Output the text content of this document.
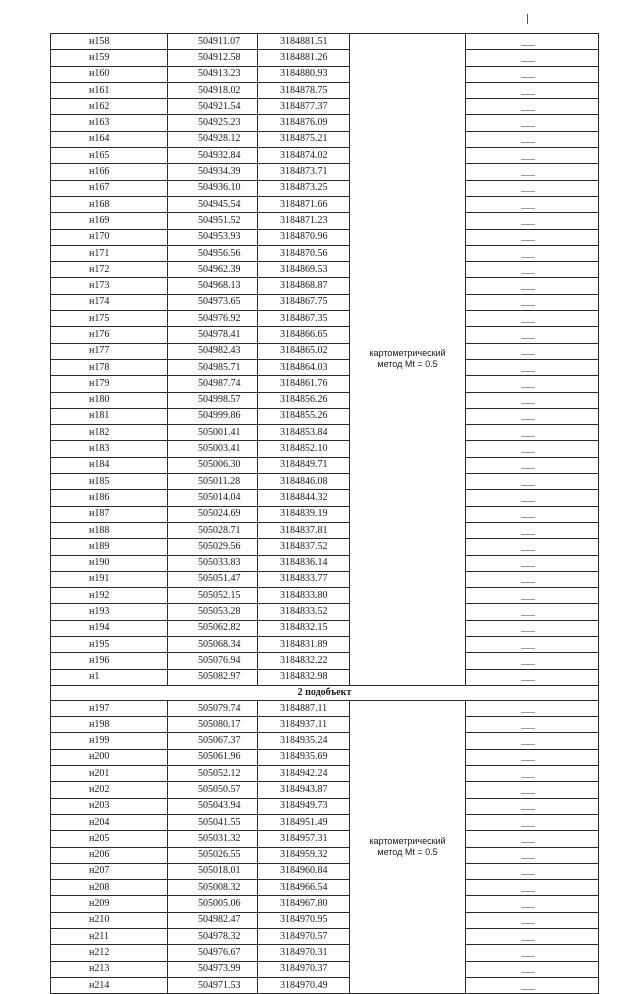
н158	504911.07	3184881.51	картометрический метод Mt = 0.5	

н159	504912.58	3184881.26		

н160	504913.23	3184880.93		

н161	504918.02	3184878.75		

н162	504921.54	3184877.37		

н163	504925.23	3184876.09		

н164	504928.12	3184875.21		

н165	504932.84	3184874.02		

н166	504934.39	3184873.71		

н167	504936.10	3184873.25		

н168	504945.54	3184871.66		

н169	504951.52	3184871.23		

н170	504953.93	3184870.96		

н171	504956.56	3184870.56		

н172	504962.39	3184869.53		

н173	504968.13	3184868.87		

н174	504973.65	3184867.75		

н175	504976.92	3184867.35		

н176	504978.41	3184866.65		

н177	504982.43	3184865.02		

н178	504985.71	3184864.03		

н179	504987.74	3184861.76		

н180	504998.57	3184856.26		

н181	504999.86	3184855.26		

н182	505001.41	3184853.84		

н183	505003.41	3184852.10		

н184	505006.30	3184849.71		

н185	505011.28	3184846.08		

н186	505014.04	3184844.32		

н187	505024.69	3184839.19		

н188	505028.71	3184837.81		

н189	505029.56	3184837.52		

н190	505033.83	3184836.14		

н191	505051.47	3184833.77		

н192	505052.15	3184833.80		

н193	505053.28	3184833.52		

н194	505062.82	3184832.15		

н195	505068.34	3184831.89		

н196	505076.94	3184832.22		

н1	505082.97	3184832.98		

2 подобъект				
н197	505079.74	3184887.11	картометрический метод Mt = 0.5	

н198	505080.17	3184937.11		

н199	505067.37	3184935.24		

н200	505061.96	3184935.69		

н201	505052.12	3184942.24		

н202	505050.57	3184943.87		

н203	505043.94	3184949.73		

н204	505041.55	3184951.49		

н205	505031.32	3184957.31		

н206	505026.55	3184959.32		

н207	505018.01	3184960.84		

н208	505008.32	3184966.54		

н209	505005.06	3184967.80		

н210	504982.47	3184970.95		

н211	504978.32	3184970.57		

н212	504976.67	3184970.31		

н213	504973.99	3184970.37		

н214	504971.53	3184970.49		
